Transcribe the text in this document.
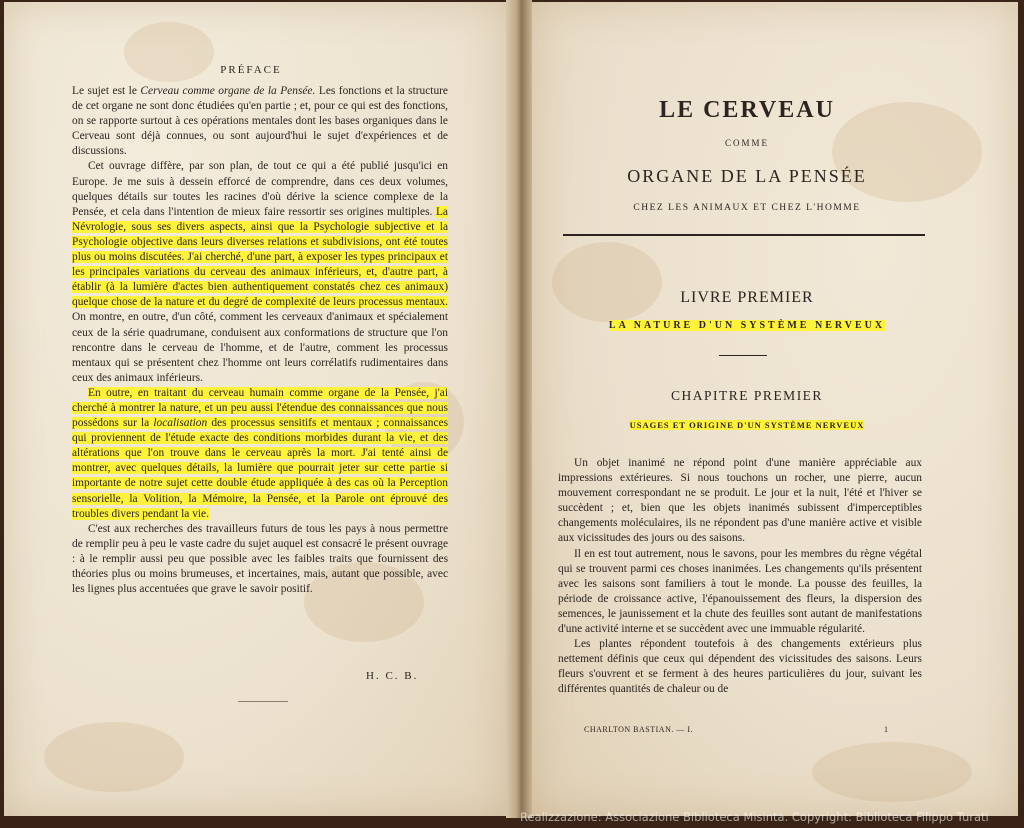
PRÉFACE

Le sujet est le Cerveau comme organe de la Pensée. Les fonctions et la structure de cet organe ne sont donc étudiées qu'en partie ; et, pour ce qui est des fonctions, on se rapporte surtout à ces opérations mentales dont les bases organiques dans le Cerveau sont déjà connues, ou sont aujourd'hui le sujet d'expériences et de discussions.

Cet ouvrage diffère, par son plan, de tout ce qui a été publié jusqu'ici en Europe. Je me suis à dessein efforcé de comprendre, dans ces deux volumes, quelques détails sur toutes les racines d'où dérive la science complexe de la Pensée, et cela dans l'intention de mieux faire ressortir ses origines multiples. La Névrologie, sous ses divers aspects, ainsi que la Psychologie subjective et la Psychologie objective dans leurs diverses relations et subdivisions, ont été toutes plus ou moins discutées. J'ai cherché, d'une part, à exposer les types principaux et les principales variations du cerveau des animaux inférieurs, et, d'autre part, à établir (à la lumière d'actes bien authentiquement constatés chez ces animaux) quelque chose de la nature et du degré de complexité de leurs processus mentaux. On montre, en outre, d'un côté, comment les cerveaux d'animaux et spécialement ceux de la série quadrumane, conduisent aux conformations de structure que l'on rencontre dans le cerveau de l'homme, et de l'autre, comment les processus mentaux qui se présentent chez l'homme ont leurs corrélatifs rudimentaires dans ceux des animaux inférieurs.

En outre, en traitant du cerveau humain comme organe de la Pensée, j'ai cherché à montrer la nature, et un peu aussi l'étendue des connaissances que nous possédons sur la localisation des processus sensitifs et mentaux ; connaissances qui proviennent de l'étude exacte des conditions morbides durant la vie, et des altérations que l'on trouve dans le cerveau après la mort. J'ai tenté ainsi de montrer, avec quelques détails, la lumière que pourrait jeter sur cette partie si importante de notre sujet cette double étude appliquée à des cas où la Perception sensorielle, la Volition, la Mémoire, la Pensée, et la Parole ont éprouvé des troubles divers pendant la vie.

C'est aux recherches des travailleurs futurs de tous les pays à nous permettre de remplir peu à peu le vaste cadre du sujet auquel est consacré le présent ouvrage : à le remplir aussi peu que possible avec les faibles traits que fournissent des théories plus ou moins brumeuses, et incertaines, mais, autant que possible, avec les lignes plus accentuées que grave le savoir positif.

H. C. B.
LE CERVEAU
COMME
ORGANE DE LA PENSÉE
CHEZ LES ANIMAUX ET CHEZ L'HOMME
LIVRE PREMIER
LA NATURE D'UN SYSTÈME NERVEUX
CHAPITRE PREMIER
USAGES ET ORIGINE D'UN SYSTÈME NERVEUX

Un objet inanimé ne répond point d'une manière appréciable aux impressions extérieures. Si nous touchons un rocher, une pierre, aucun mouvement correspondant ne se produit. Le jour et la nuit, l'été et l'hiver se succèdent ; et, bien que les objets inanimés subissent d'imperceptibles changements moléculaires, ils ne répondent pas d'une manière active et visible aux vicissitudes des jours ou des saisons.

Il en est tout autrement, nous le savons, pour les membres du règne végétal qui se trouvent parmi ces choses inanimées. Les changements qu'ils présentent avec les saisons sont familiers à tout le monde. La pousse des feuilles, la période de croissance active, l'épanouissement des fleurs, la dispersion des semences, le jaunissement et la chute des feuilles sont autant de manifestations d'une activité interne et se succèdent avec une immuable régularité.

Les plantes répondent toutefois à des changements extérieurs plus nettement définis que ceux qui dépendent des vicissitudes des saisons. Leurs fleurs s'ouvrent et se ferment à des heures particulières du jour, suivant les différentes quantités de chaleur ou de

CHARLTON BASTIAN. — I.	1
Realizzazione: Associazione Biblioteca Misinta. Copyright: Biblioteca Filippo Turati
